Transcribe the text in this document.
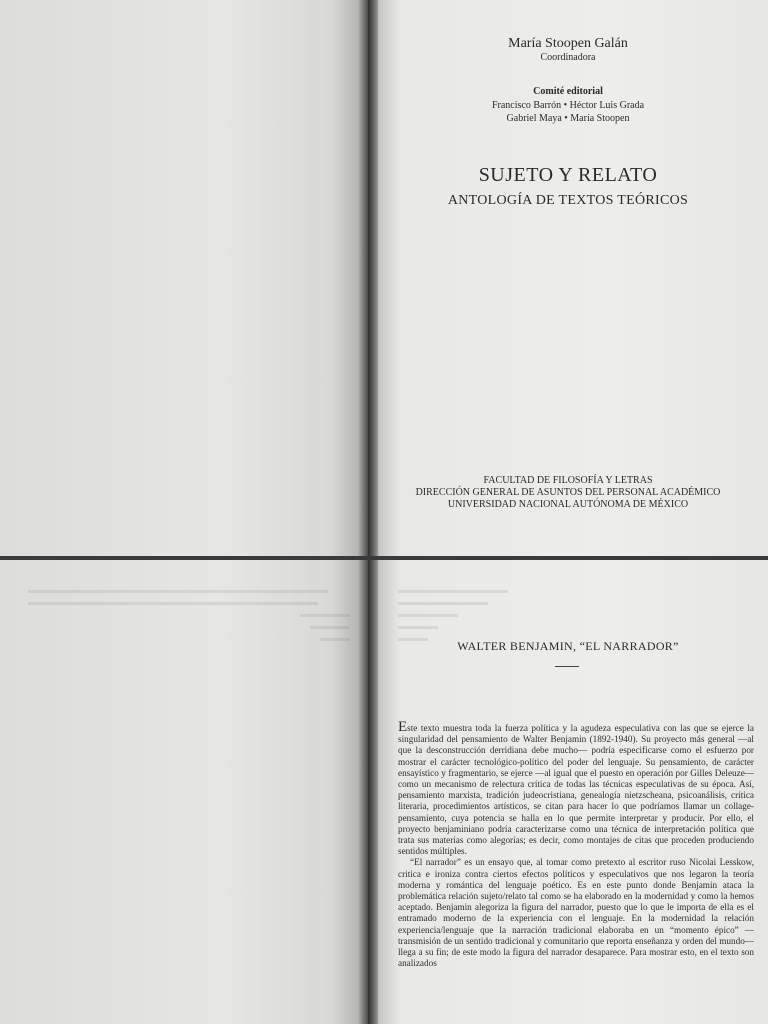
María Stoopen Galán
Coordinadora
Comité editorial
Francisco Barrón • Héctor Luis Grada
Gabriel Maya • María Stoopen
SUJETO Y RELATO
ANTOLOGÍA DE TEXTOS TEÓRICOS
FACULTAD DE FILOSOFÍA Y LETRAS
DIRECCIÓN GENERAL DE ASUNTOS DEL PERSONAL ACADÉMICO
UNIVERSIDAD NACIONAL AUTÓNOMA DE MÉXICO
WALTER BENJAMIN, “EL NARRADOR”

Este texto muestra toda la fuerza política y la agudeza especulativa con las que se ejerce la singularidad del pensamiento de Walter Benjamin (1892-1940). Su proyecto más general —al que la desconstrucción derridiana debe mucho— podría especificarse como el esfuerzo por mostrar el carácter tecnológico-político del poder del lenguaje. Su pensamiento, de carácter ensayístico y fragmentario, se ejerce —al igual que el puesto en operación por Gilles Deleuze— como un mecanismo de relectura crítica de todas las técnicas especulativas de su época. Así, pensamiento marxista, tradición judeocristiana, genealogía nietzscheana, psicoanálisis, crítica literaria, procedimientos artísticos, se citan para hacer lo que podríamos llamar un collage-pensamiento, cuya potencia se halla en lo que permite interpretar y producir. Por ello, el proyecto benjaminiano podría caracterizarse como una técnica de interpretación política que trata sus materias como alegorías; es decir, como montajes de citas que proceden produciendo sentidos múltiples.

“El narrador” es un ensayo que, al tomar como pretexto al escritor ruso Nicolai Lesskow, critica e ironiza contra ciertos efectos políticos y especulativos que nos legaron la teoría moderna y romántica del lenguaje poético. Es en este punto donde Benjamin ataca la problemática relación sujeto/relato tal como se ha elaborado en la modernidad y como la hemos aceptado. Benjamin alegoriza la figura del narrador, puesto que lo que le importa de ella es el entramado moderno de la experiencia con el lenguaje. En la modernidad la relación experiencia/lenguaje que la narración tradicional elaboraba en un “momento épico” —transmisión de un sentido tradicional y comunitario que reporta enseñanza y orden del mundo— llega a su fin; de este modo la figura del narrador desaparece. Para mostrar esto, en el texto son analizados
